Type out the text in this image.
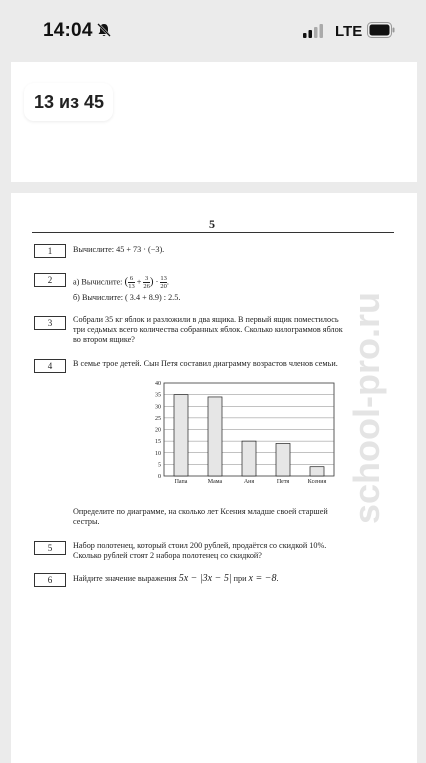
14:04	LTE
13 из 45
5
school-pro.ru
1	Вычислите: 45 + 73 · (−3).
2	а) Вычислите: ( $\frac{6}{13} + \frac{3}{26}$ ) · $\frac{13}{20}$ .
б) Вычислите: ( 3.4 + 8.9) : 2.5.
3	Собрали 35 кг яблок и разложили в два ящика. В первый ящик поместилось
три седьмых всего количества собранных яблок. Сколько килограммов яблок
во втором ящике?
4	В семье трое детей. Сын Петя составил диаграмму возрастов членов семьи.
0
5
10
15
20
25
30
35
40
Папа	Мама	Аня	Петя	Ксения
Определите по диаграмме, на сколько лет Ксения младше своей старшей
сестры.
5	Набор полотенец, который стоил 200 рублей, продаётся со скидкой 10%.
Сколько рублей стоят 2 набора полотенец со скидкой?
6	Найдите значение выражения 5x − |3x − 5| при x = −8.
